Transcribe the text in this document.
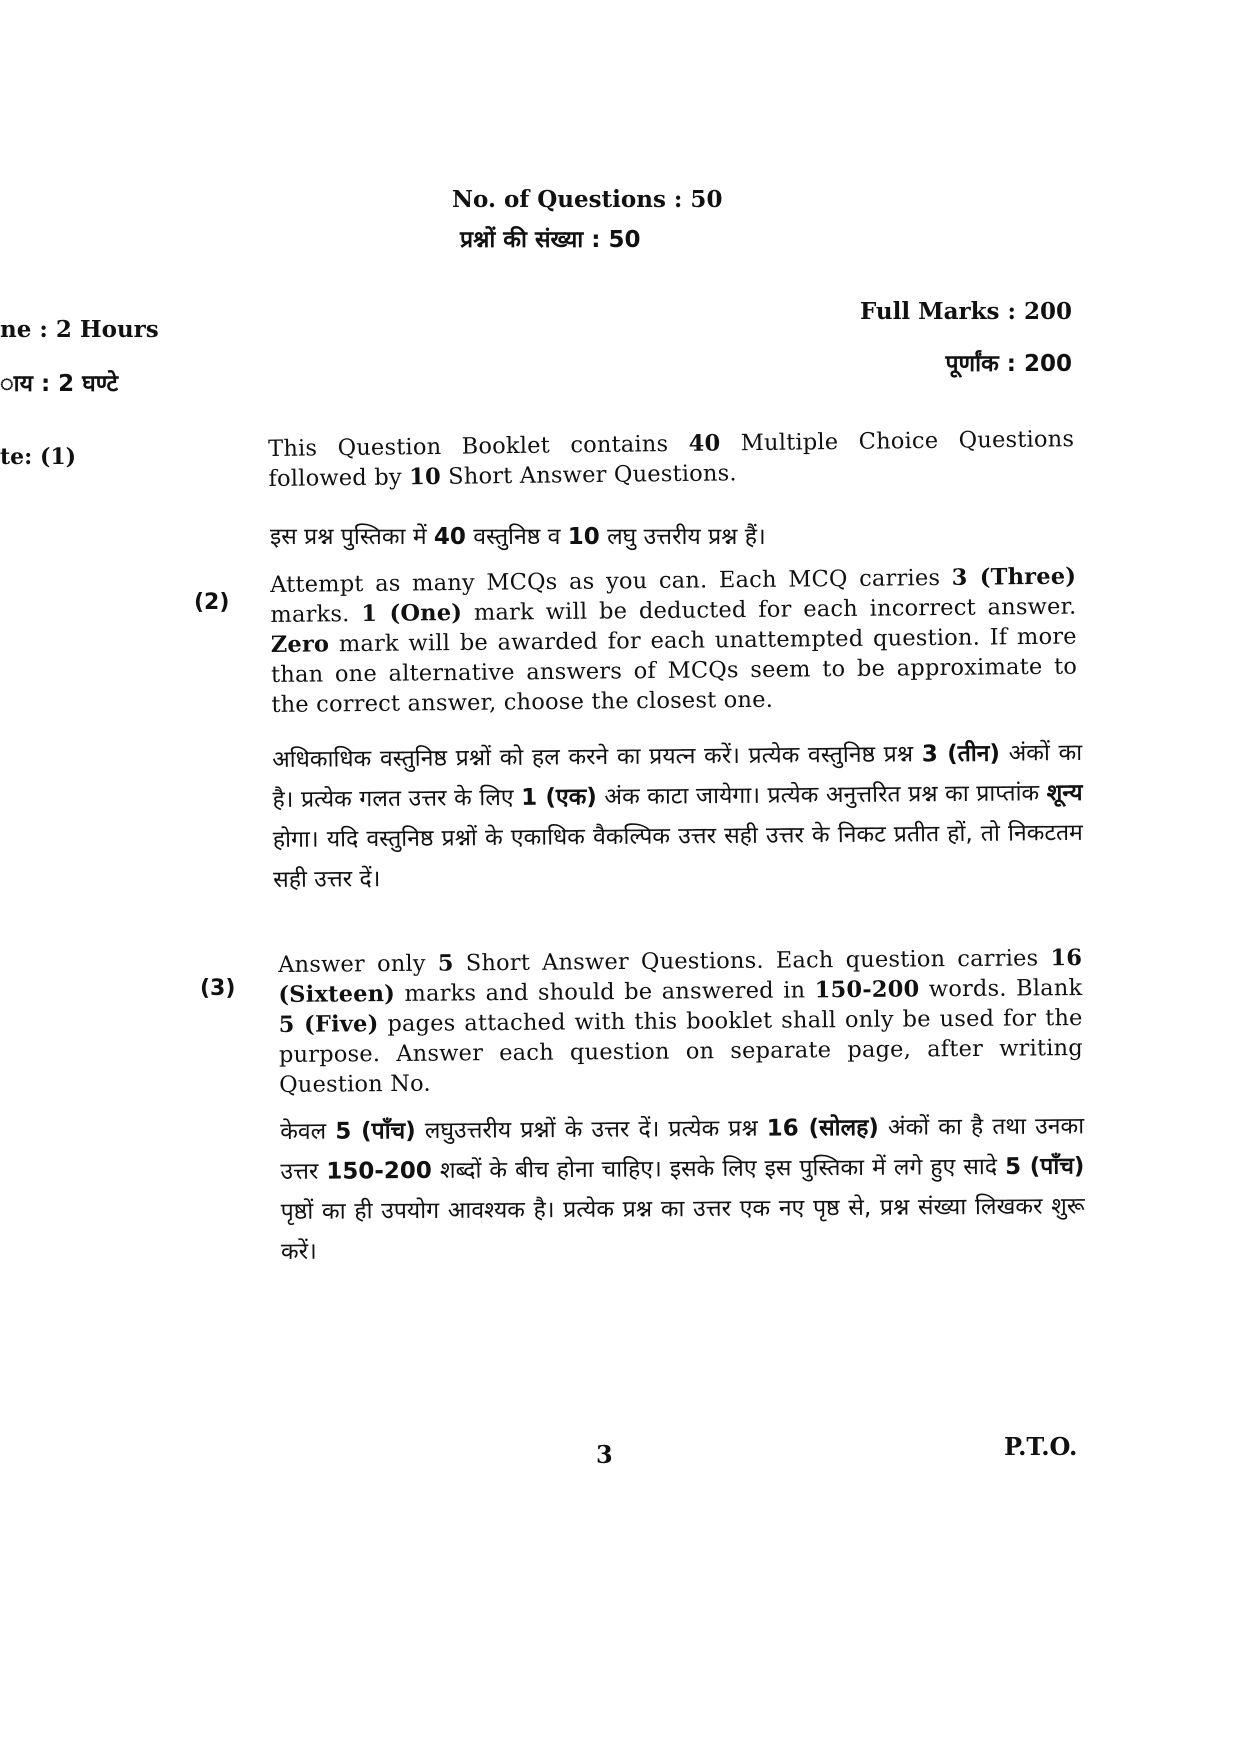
No. of Questions : 50
प्रश्नों की संख्या : 50
ne : 2 Hours
ाय : 2 घण्टे
Full Marks : 200
पूर्णांक : 200
te: (1)
(2)
(3)
This Question Booklet contains 40 Multiple Choice Questions followed by 10 Short Answer Questions.
इस प्रश्न पुस्तिका में 40 वस्तुनिष्ठ व 10 लघु उत्तरीय प्रश्न हैं।
Attempt as many MCQs as you can. Each MCQ carries 3 (Three) marks. 1 (One) mark will be deducted for each incorrect answer. Zero mark will be awarded for each unattempted question. If more than one alternative answers of MCQs seem to be approximate to the correct answer, choose the closest one.
अधिकाधिक वस्तुनिष्ठ प्रश्नों को हल करने का प्रयत्न करें। प्रत्येक वस्तुनिष्ठ प्रश्न 3 (तीन) अंकों का है। प्रत्येक गलत उत्तर के लिए 1 (एक) अंक काटा जायेगा। प्रत्येक अनुत्तरित प्रश्न का प्राप्तांक शून्य होगा। यदि वस्तुनिष्ठ प्रश्नों के एकाधिक वैकल्पिक उत्तर सही उत्तर के निकट प्रतीत हों, तो निकटतम सही उत्तर दें।
Answer only 5 Short Answer Questions. Each question carries 16 (Sixteen) marks and should be answered in 150-200 words. Blank 5 (Five) pages attached with this booklet shall only be used for the purpose. Answer each question on separate page, after writing Question No.
केवल 5 (पाँच) लघुउत्तरीय प्रश्नों के उत्तर दें। प्रत्येक प्रश्न 16 (सोलह) अंकों का है तथा उनका उत्तर 150-200 शब्दों के बीच होना चाहिए। इसके लिए इस पुस्तिका में लगे हुए सादे 5 (पाँच) पृष्ठों का ही उपयोग आवश्यक है। प्रत्येक प्रश्न का उत्तर एक नए पृष्ठ से, प्रश्न संख्या लिखकर शुरू करें।
3	P.T.O.
